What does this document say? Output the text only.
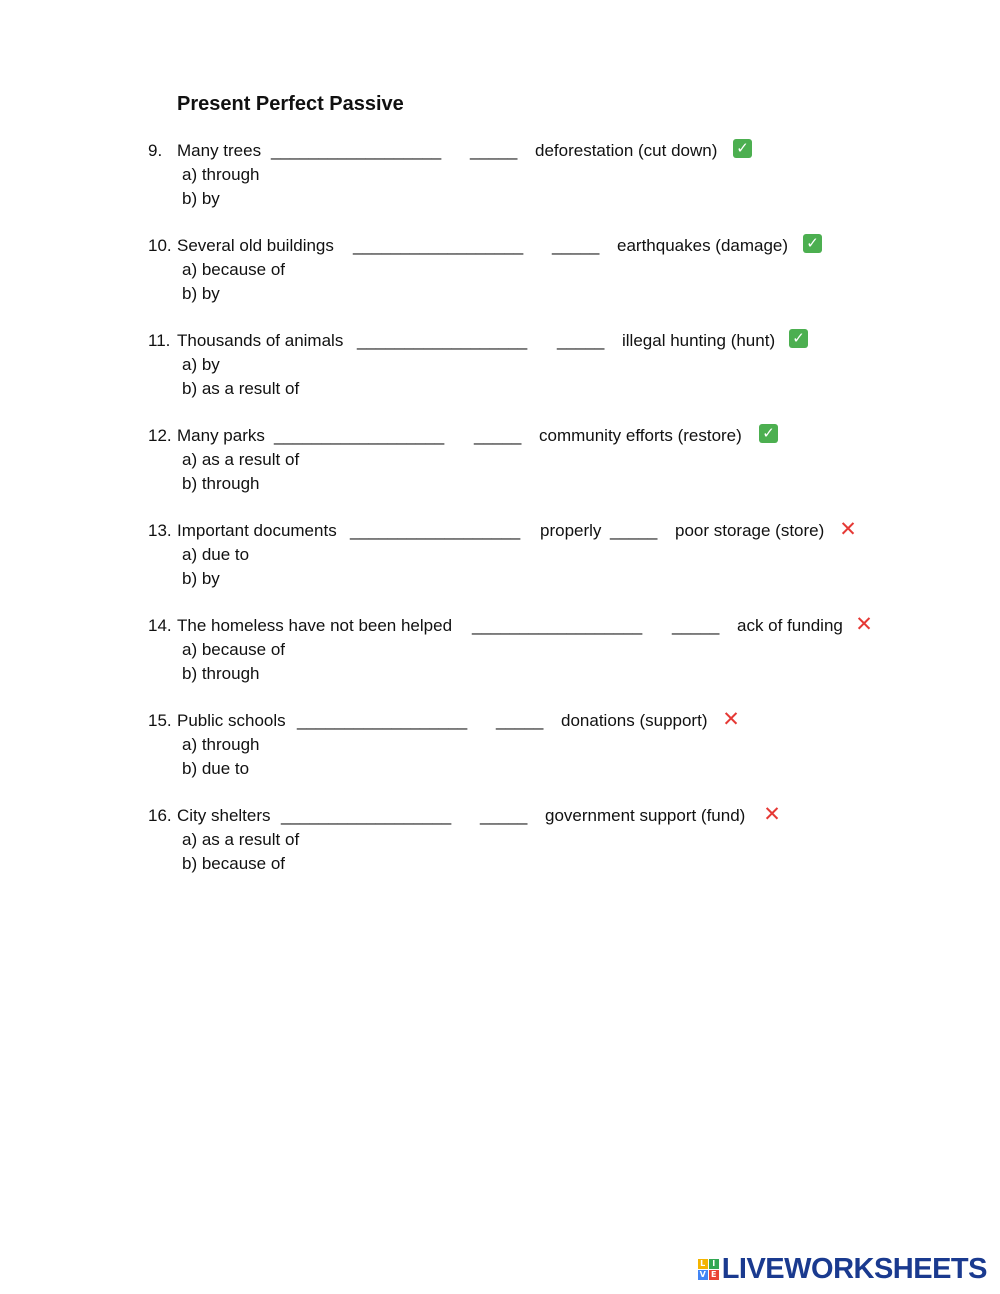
Present Perfect Passive
9. Many trees __________________ _____ deforestation (cut down) ✓
a) through
b) by
10. Several old buildings __________________ _____ earthquakes (damage) ✓
a) because of
b) by
11. Thousands of animals __________________ _____ illegal hunting (hunt) ✓
a) by
b) as a result of
12. Many parks __________________ _____ community efforts (restore) ✓
a) as a result of
b) through
13. Important documents __________________ properly _____ poor storage (store) ✕
a) due to
b) by
14. The homeless have not been helped __________________ _____ ack of funding ✕
a) because of
b) through
15. Public schools __________________ _____ donations (support) ✕
a) through
b) due to
16. City shelters __________________ _____ government support (fund) ✕
a) as a result of
b) because of
L I
V E LIVEWORKSHEETS
